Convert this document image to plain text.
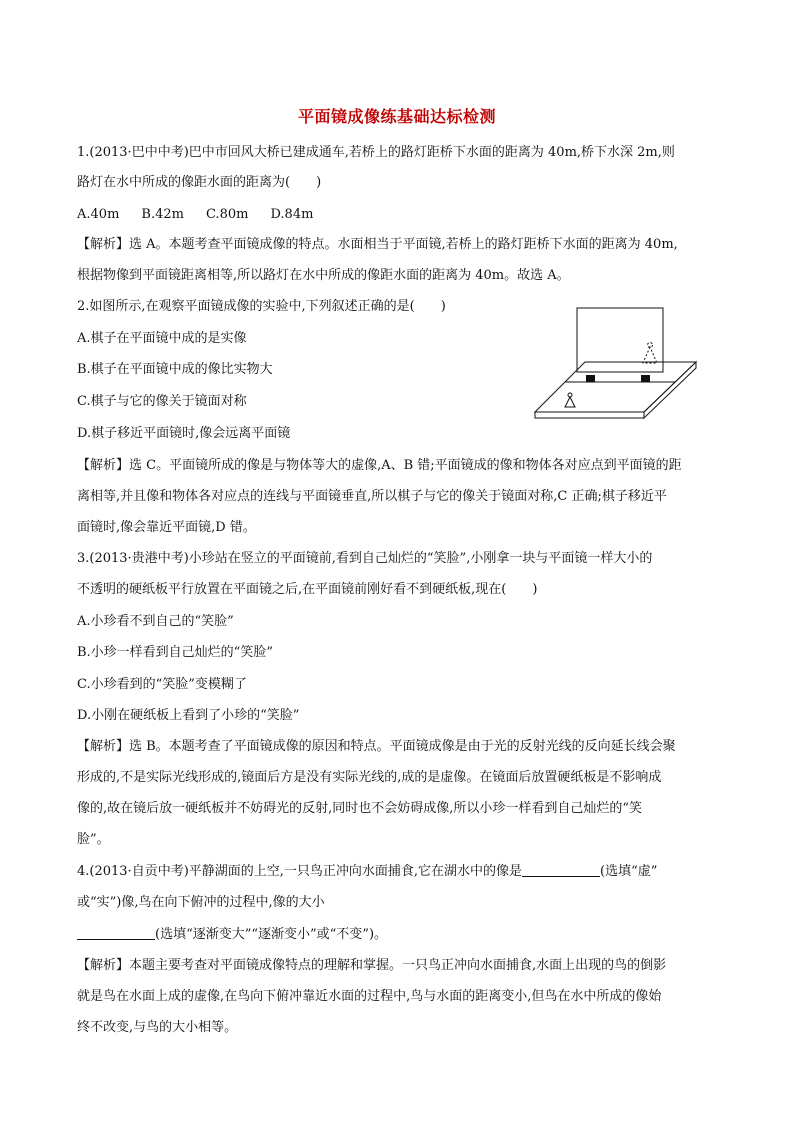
平面镜成像练基础达标检测
1.(2013·巴中中考)巴中市回风大桥已建成通车,若桥上的路灯距桥下水面的距离为 40m,桥下水深 2m,则
路灯在水中所成的像距水面的距离为(　　)
A.40m B.42m C.80m D.84m
【解析】选 A。本题考查平面镜成像的特点。水面相当于平面镜,若桥上的路灯距桥下水面的距离为 40m,
根据物像到平面镜距离相等,所以路灯在水中所成的像距水面的距离为 40m。故选 A。
2.如图所示,在观察平面镜成像的实验中,下列叙述正确的是(　　)
A.棋子在平面镜中成的是实像
B.棋子在平面镜中成的像比实物大
C.棋子与它的像关于镜面对称
D.棋子移近平面镜时,像会远离平面镜
【解析】选 C。平面镜所成的像是与物体等大的虚像,A、B 错;平面镜成的像和物体各对应点到平面镜的距
离相等,并且像和物体各对应点的连线与平面镜垂直,所以棋子与它的像关于镜面对称,C 正确;棋子移近平
面镜时,像会靠近平面镜,D 错。
3.(2013·贵港中考)小珍站在竖立的平面镜前,看到自己灿烂的“笑脸”,小刚拿一块与平面镜一样大小的
不透明的硬纸板平行放置在平面镜之后,在平面镜前刚好看不到硬纸板,现在(　　)
A.小珍看不到自己的“笑脸”
B.小珍一样看到自己灿烂的“笑脸”
C.小珍看到的“笑脸”变模糊了
D.小刚在硬纸板上看到了小珍的“笑脸”
【解析】选 B。本题考查了平面镜成像的原因和特点。平面镜成像是由于光的反射光线的反向延长线会聚
形成的,不是实际光线形成的,镜面后方是没有实际光线的,成的是虚像。在镜面后放置硬纸板是不影响成
像的,故在镜后放一硬纸板并不妨碍光的反射,同时也不会妨碍成像,所以小珍一样看到自己灿烂的“笑
脸”。
4.(2013·自贡中考)平静湖面的上空,一只鸟正冲向水面捕食,它在湖水中的像是	(选填“虚”
或“实”)像,鸟在向下俯冲的过程中,像的大小
(选填“逐渐变大”“逐渐变小”或“不变”)。
【解析】本题主要考查对平面镜成像特点的理解和掌握。一只鸟正冲向水面捕食,水面上出现的鸟的倒影
就是鸟在水面上成的虚像,在鸟向下俯冲靠近水面的过程中,鸟与水面的距离变小,但鸟在水中所成的像始
终不改变,与鸟的大小相等。
